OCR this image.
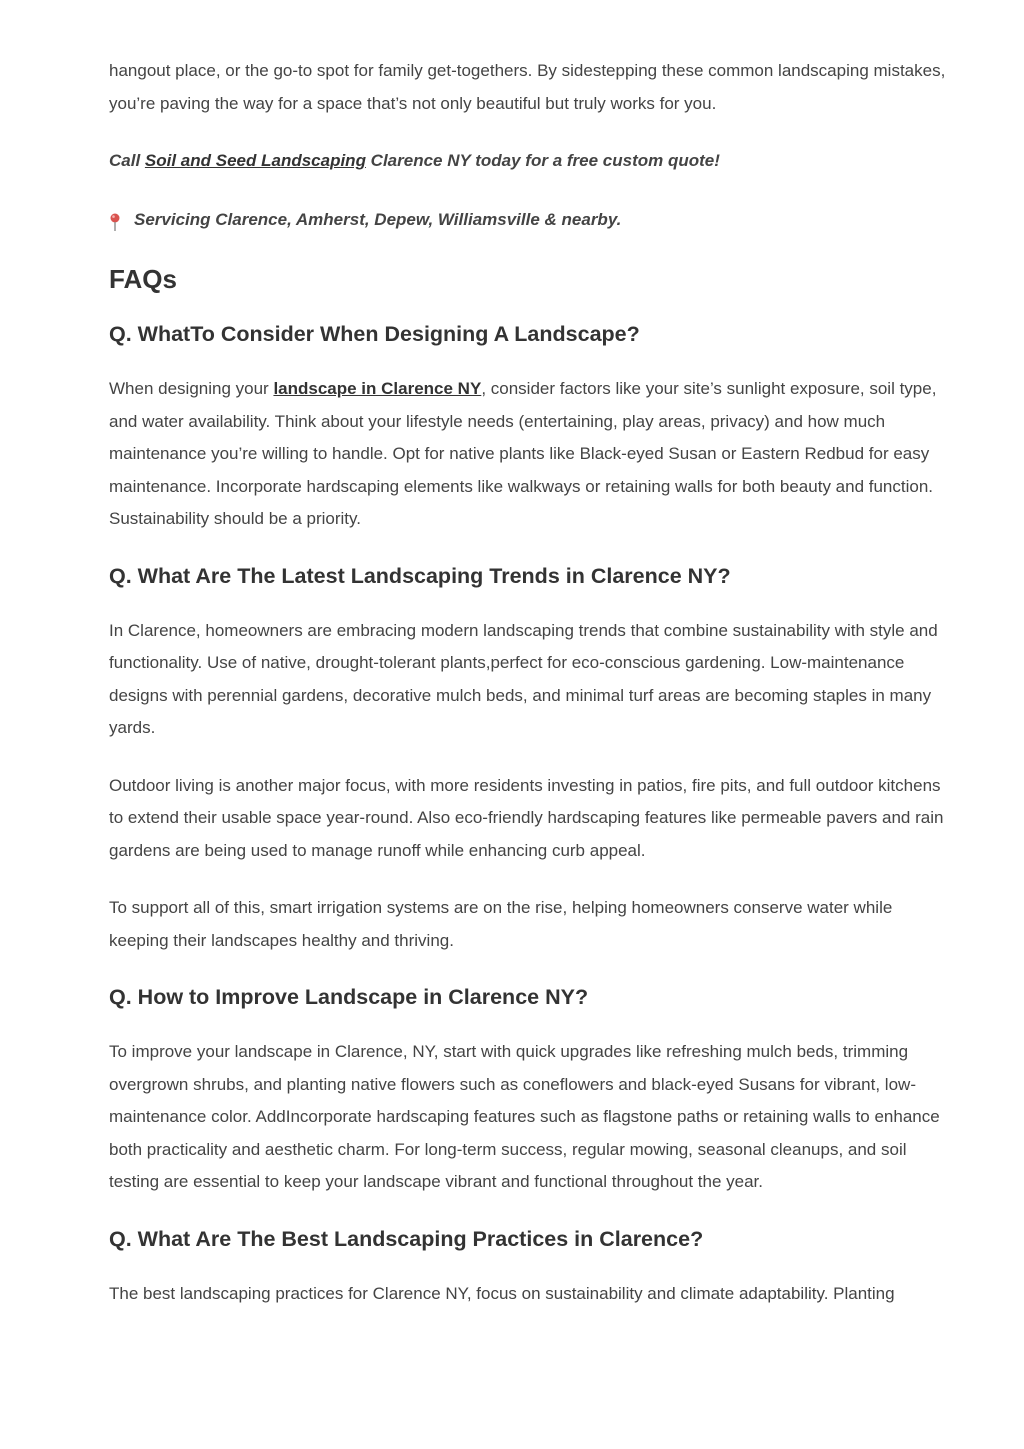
hangout place, or the go-to spot for family get-togethers. By sidestepping these common landscaping mistakes, you’re paving the way for a space that’s not only beautiful but truly works for you.

Call Soil and Seed Landscaping Clarence NY today for a free custom quote!

Servicing Clarence, Amherst, Depew, Williamsville & nearby.

FAQs
Q. WhatTo Consider When Designing A Landscape?

When designing your landscape in Clarence NY, consider factors like your site’s sunlight exposure, soil type, and water availability. Think about your lifestyle needs (entertaining, play areas, privacy) and how much maintenance you’re willing to handle. Opt for native plants like Black-eyed Susan or Eastern Redbud for easy maintenance. Incorporate hardscaping elements like walkways or retaining walls for both beauty and function. Sustainability should be a priority.

Q. What Are The Latest Landscaping Trends in Clarence NY?

In Clarence, homeowners are embracing modern landscaping trends that combine sustainability with style and functionality. Use of native, drought-tolerant plants,perfect for eco-conscious gardening. Low-maintenance designs with perennial gardens, decorative mulch beds, and minimal turf areas are becoming staples in many yards.

Outdoor living is another major focus, with more residents investing in patios, fire pits, and full outdoor kitchens to extend their usable space year-round. Also eco-friendly hardscaping features like permeable pavers and rain gardens are being used to manage runoff while enhancing curb appeal.

To support all of this, smart irrigation systems are on the rise, helping homeowners conserve water while keeping their landscapes healthy and thriving.

Q. How to Improve Landscape in Clarence NY?

To improve your landscape in Clarence, NY, start with quick upgrades like refreshing mulch beds, trimming overgrown shrubs, and planting native flowers such as coneflowers and black-eyed Susans for vibrant, low-maintenance color. AddIncorporate hardscaping features such as flagstone paths or retaining walls to enhance both practicality and aesthetic charm. For long-term success, regular mowing, seasonal cleanups, and soil testing are essential to keep your landscape vibrant and functional throughout the year.

Q. What Are The Best Landscaping Practices in Clarence?

The best landscaping practices for Clarence NY, focus on sustainability and climate adaptability. Planting
